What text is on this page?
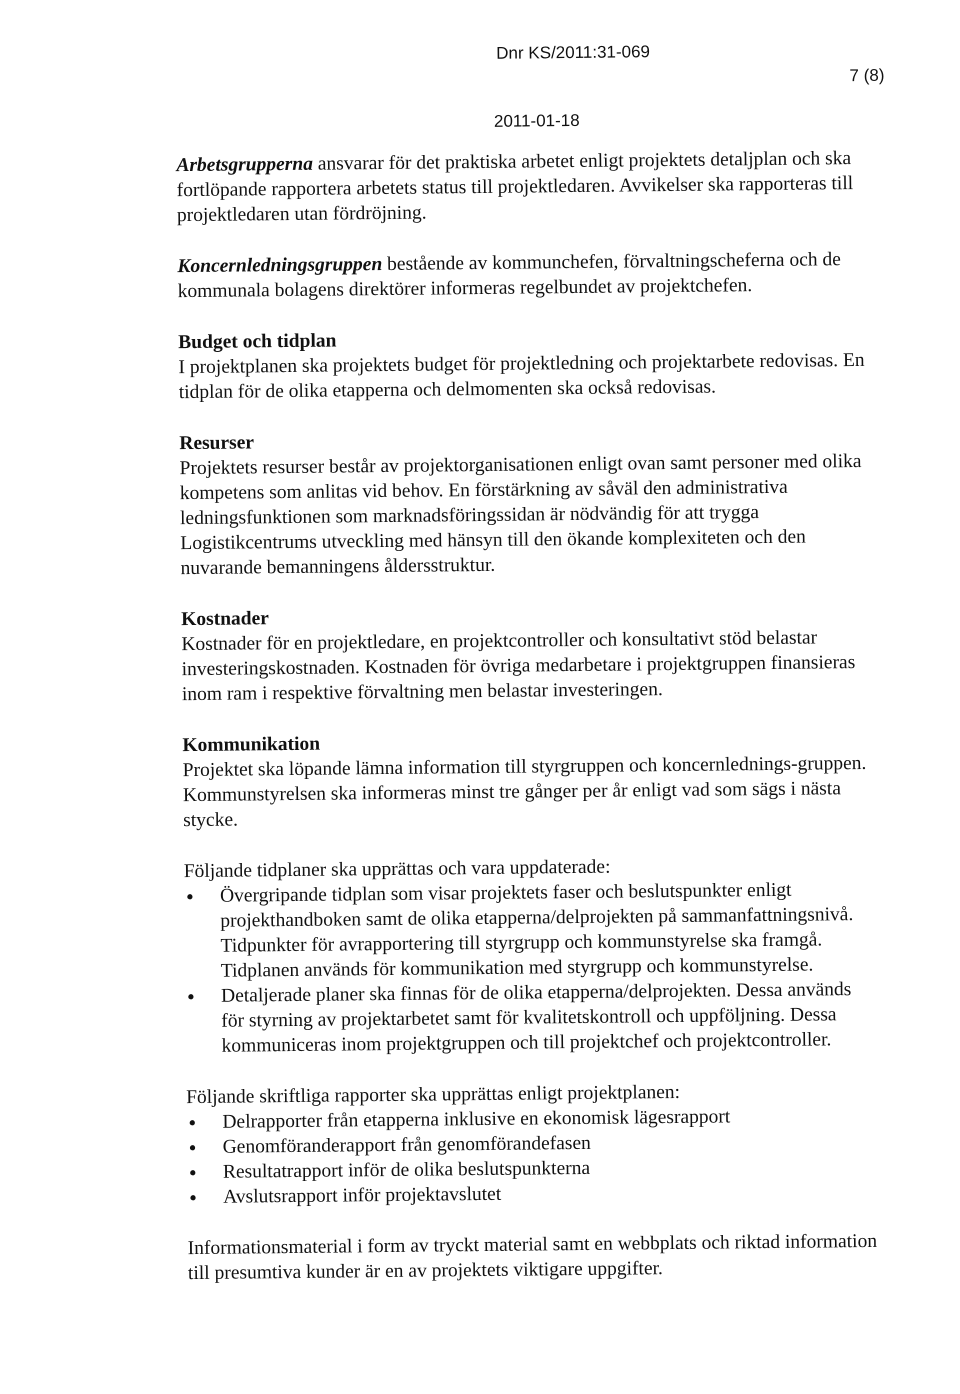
Dnr KS/2011:31-069
7 (8)
2011-01-18

Arbetsgrupperna ansvarar för det praktiska arbetet enligt projektets detaljplan och ska fortlöpande rapportera arbetets status till projektledaren. Avvikelser ska rapporteras till projektledaren utan fördröjning.

Koncernledningsgruppen bestående av kommunchefen, förvaltningscheferna och de kommunala bolagens direktörer informeras regelbundet av projektchefen.

Budget och tidplan
I projektplanen ska projektets budget för projektledning och projektarbete redovisas. En tidplan för de olika etapperna och delmomenten ska också redovisas.
Resurser
Projektets resurser består av projektorganisationen enligt ovan samt personer med olika kompetens som anlitas vid behov. En förstärkning av såväl den administrativa ledningsfunktionen som marknadsföringssidan är nödvändig för att trygga Logistikcentrums utveckling med hänsyn till den ökande komplexiteten och den nuvarande bemanningens åldersstruktur.
Kostnader
Kostnader för en projektledare, en projektcontroller och konsultativt stöd belastar investeringskostnaden. Kostnaden för övriga medarbetare i projektgruppen finansieras inom ram i respektive förvaltning men belastar investeringen.
Kommunikation
Projektet ska löpande lämna information till styrgruppen och koncernlednings-gruppen. Kommunstyrelsen ska informeras minst tre gånger per år enligt vad som sägs i nästa stycke.
Följande tidplaner ska upprättas och vara uppdaterade:
• Övergripande tidplan som visar projektets faser och beslutspunkter enligt projekthandboken samt de olika etapperna/delprojekten på sammanfattningsnivå. Tidpunkter för avrapportering till styrgrupp och kommunstyrelse ska framgå. Tidplanen används för kommunikation med styrgrupp och kommunstyrelse.
• Detaljerade planer ska finnas för de olika etapperna/delprojekten. Dessa används för styrning av projektarbetet samt för kvalitetskontroll och uppföljning. Dessa kommuniceras inom projektgruppen och till projektchef och projektcontroller.
Följande skriftliga rapporter ska upprättas enligt projektplanen:
• Delrapporter från etapperna inklusive en ekonomisk lägesrapport
• Genomföranderapport från genomförandefasen
• Resultatrapport inför de olika beslutspunkterna
• Avslutsrapport inför projektavslutet

Informationsmaterial i form av tryckt material samt en webbplats och riktad information till presumtiva kunder är en av projektets viktigare uppgifter.
